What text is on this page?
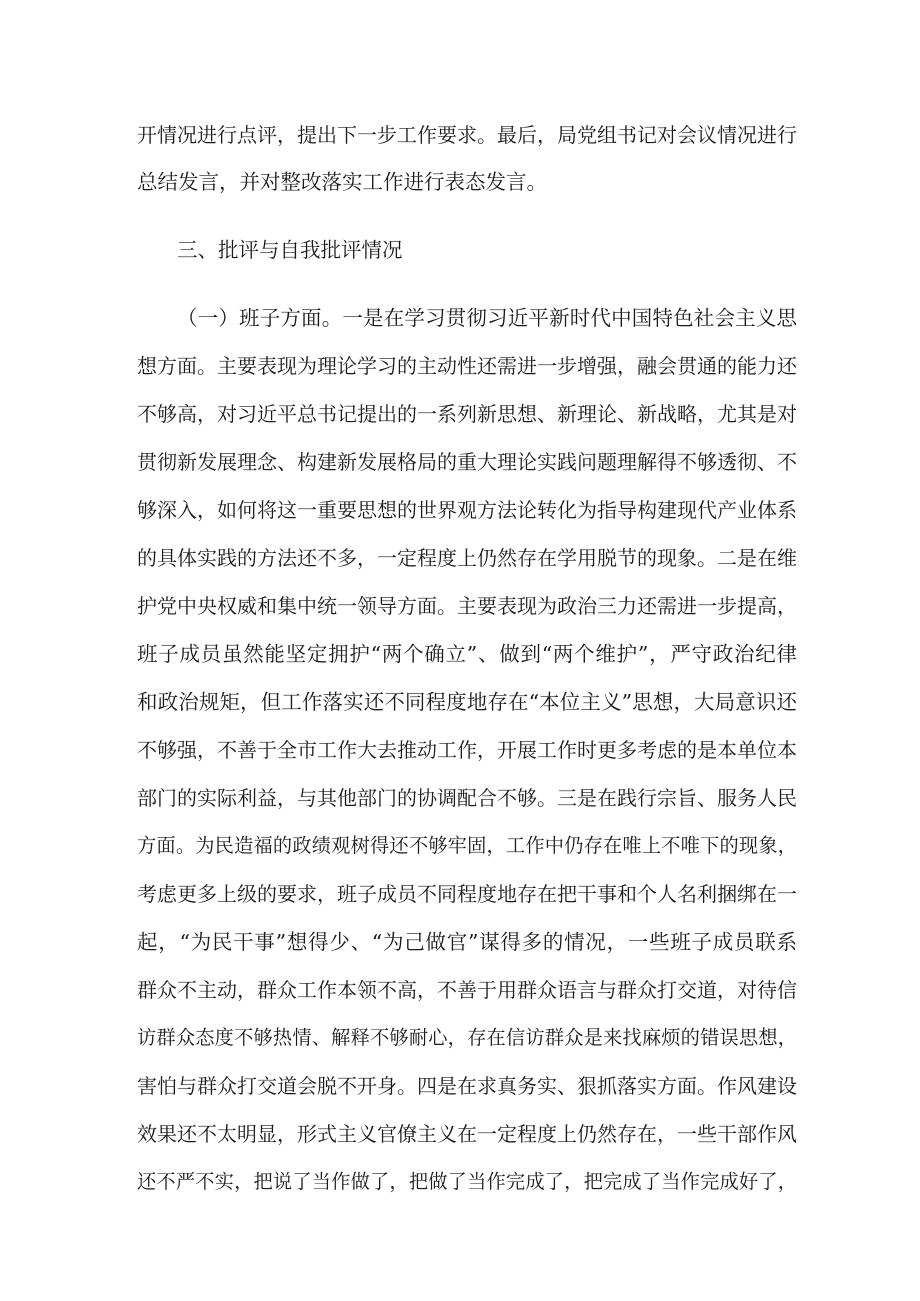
开情况进行点评，提出下一步工作要求。最后，局党组书记对会议情况进行
总结发言，并对整改落实工作进行表态发言。
三、批评与自我批评情况
（一）班子方面。一是在学习贯彻习近平新时代中国特色社会主义思
想方面。主要表现为理论学习的主动性还需进一步增强，融会贯通的能力还
不够高，对习近平总书记提出的一系列新思想、新理论、新战略，尤其是对
贯彻新发展理念、构建新发展格局的重大理论实践问题理解得不够透彻、不
够深入，如何将这一重要思想的世界观方法论转化为指导构建现代产业体系
的具体实践的方法还不多，一定程度上仍然存在学用脱节的现象。二是在维
护党中央权威和集中统一领导方面。主要表现为政治三力还需进一步提高，
班子成员虽然能坚定拥护“两个确立”、做到“两个维护”，严守政治纪律
和政治规矩，但工作落实还不同程度地存在“本位主义”思想，大局意识还
不够强，不善于全市工作大去推动工作，开展工作时更多考虑的是本单位本
部门的实际利益，与其他部门的协调配合不够。三是在践行宗旨、服务人民
方面。为民造福的政绩观树得还不够牢固，工作中仍存在唯上不唯下的现象，
考虑更多上级的要求，班子成员不同程度地存在把干事和个人名利捆绑在一
起，“为民干事”想得少、“为己做官”谋得多的情况，一些班子成员联系
群众不主动，群众工作本领不高，不善于用群众语言与群众打交道，对待信
访群众态度不够热情、解释不够耐心，存在信访群众是来找麻烦的错误思想，
害怕与群众打交道会脱不开身。四是在求真务实、狠抓落实方面。作风建设
效果还不太明显，形式主义官僚主义在一定程度上仍然存在，一些干部作风
还不严不实，把说了当作做了，把做了当作完成了，把完成了当作完成好了，
